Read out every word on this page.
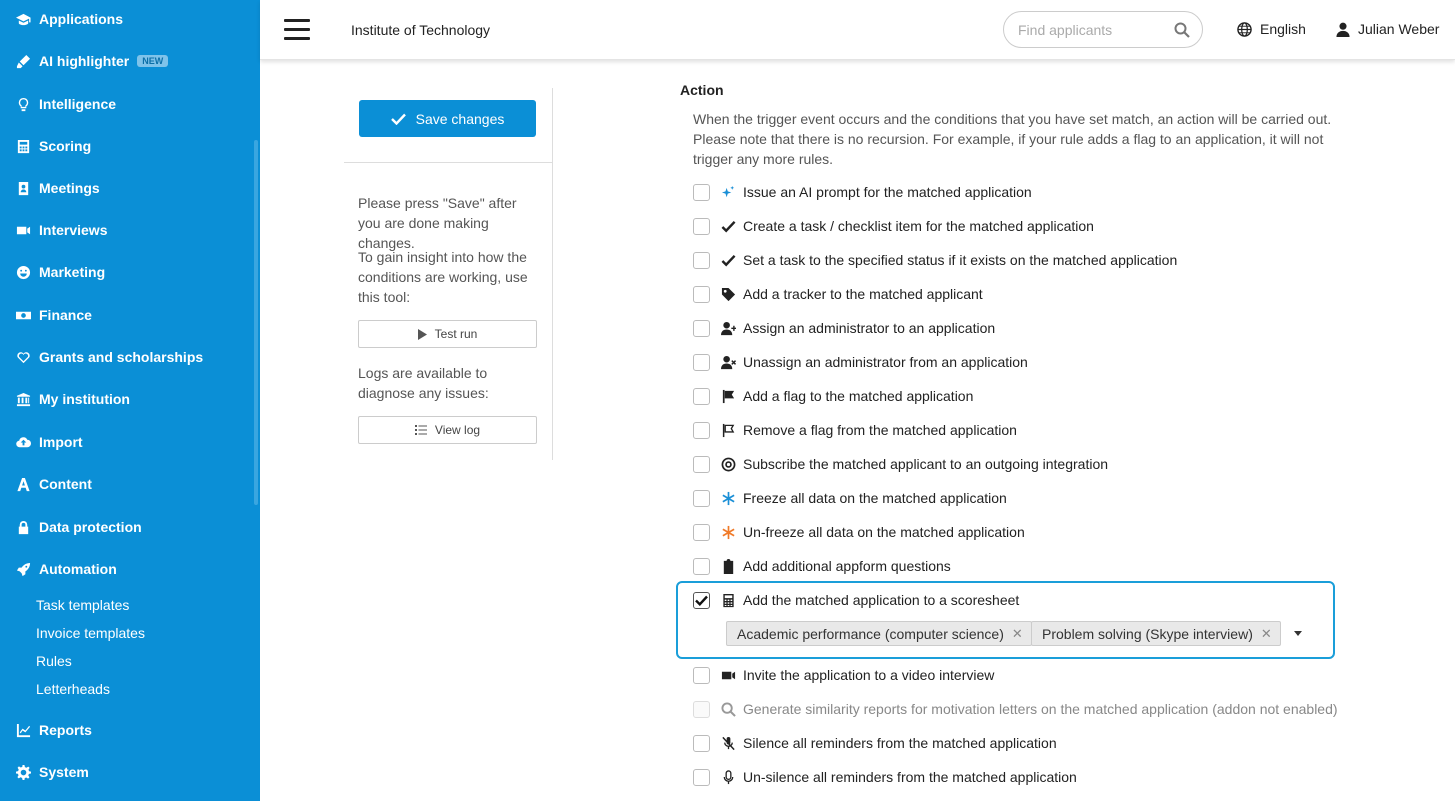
Applications
AI highlighter	NEW
Intelligence
Scoring
Meetings
Interviews
Marketing
Finance
Grants and scholarships
My institution
Import
Content
Data protection
Automation
Task templates
Invoice templates
Rules
Letterheads
Reports
System
Institute of Technology
Find applicants	English	Julian Weber
Save changes
Please press "Save" after you are done making changes.
To gain insight into how the conditions are working, use this tool:
Test run
Logs are available to diagnose any issues:
View log
Action
When the trigger event occurs and the conditions that you have set match, an action will be carried out. Please note that there is no recursion. For example, if your rule adds a flag to an application, it will not trigger any more rules.
Issue an AI prompt for the matched application
Create a task / checklist item for the matched application
Set a task to the specified status if it exists on the matched application
Add a tracker to the matched applicant
Assign an administrator to an application
Unassign an administrator from an application
Add a flag to the matched application
Remove a flag from the matched application
Subscribe the matched applicant to an outgoing integration
Freeze all data on the matched application
Un-freeze all data on the matched application
Add additional appform questions
Add the matched application to a scoresheet
Academic performance (computer science) ✕ Problem solving (Skype interview) ✕
Invite the application to a video interview
Generate similarity reports for motivation letters on the matched application (addon not enabled)
Silence all reminders from the matched application
Un-silence all reminders from the matched application
